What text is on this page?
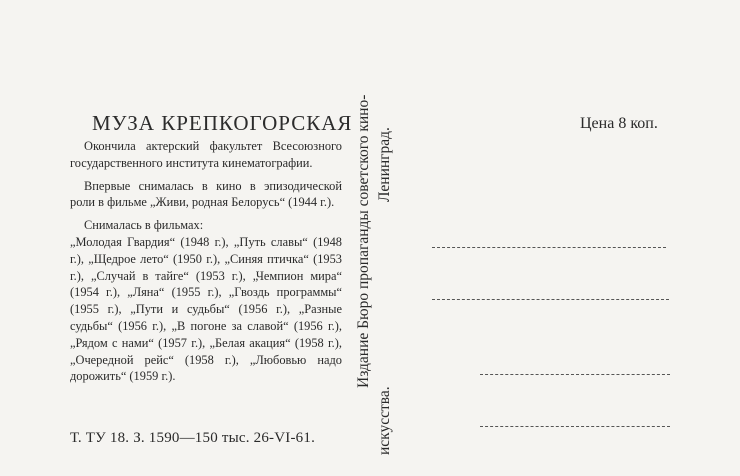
МУЗА КРЕПКОГОРСКАЯ

Окончила актерский факультет Всесоюзного государственного института кинематографии.

Впервые снималась в кино в эпизодической роли в фильме „Живи, родная Белорусь“ (1944 г.).

Снималась в фильмах:
„Молодая Гвардия“ (1948 г.), „Путь славы“ (1948 г.), „Щедрое лето“ (1950 г.), „Синяя птичка“ (1953 г.), „Случай в тайге“ (1953 г.), „Чемпион мира“ (1954 г.), „Ляна“ (1955 г.), „Гвоздь программы“ (1955 г.), „Пути и судьбы“ (1956 г.), „Разные судьбы“ (1956 г.), „В погоне за славой“ (1956 г.), „Рядом с нами“ (1957 г.), „Белая акация“ (1958 г.), „Очередной рейс“ (1958 г.), „Любовью надо дорожить“ (1959 г.).

Т. ТУ 18. З. 1590—150 тыс. 26-VI-61.
Издание Бюро пропаганды советского кино-
искусства. Ленинград.
Цена 8 коп.
